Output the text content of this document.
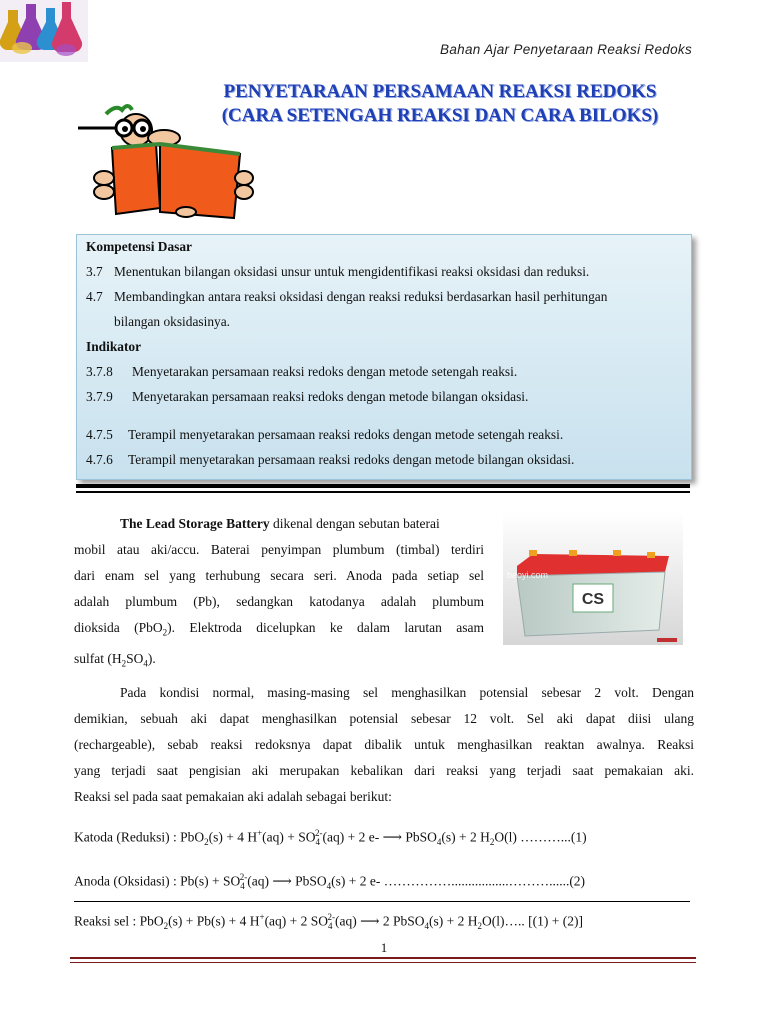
Bahan Ajar Penyetaraan Reaksi Redoks
PENYETARAAN PERSAMAAN REAKSI REDOKS
(CARA SETENGAH REAKSI DAN CARA BILOKS)
Kompetensi Dasar
3.7 Menentukan bilangan oksidasi unsur untuk mengidentifikasi reaksi oksidasi dan reduksi.
4.7 Membandingkan antara reaksi oksidasi dengan reaksi reduksi berdasarkan hasil perhitungan
bilangan oksidasinya.
Indikator
3.7.8 Menyetarakan persamaan reaksi redoks dengan metode setengah reaksi.
3.7.9 Menyetarakan persamaan reaksi redoks dengan metode bilangan oksidasi.
4.7.5 Terampil menyetarakan persamaan reaksi redoks dengan metode setengah reaksi.
4.7.6 Terampil menyetarakan persamaan reaksi redoks dengan metode bilangan oksidasi.
CS
baoyi.com
The Lead Storage Battery dikenal dengan sebutan baterai
mobil atau aki/accu. Baterai penyimpan plumbum (timbal) terdiri
dari enam sel yang terhubung secara seri. Anoda pada setiap sel
adalah plumbum (Pb), sedangkan katodanya adalah plumbum
dioksida (PbO$_2$). Elektroda dicelupkan ke dalam larutan asam
sulfat $(H_2SO_4)$.
Pada kondisi normal, masing-masing sel menghasilkan potensial sebesar 2 volt. Dengan
demikian, sebuah aki dapat menghasilkan potensial sebesar 12 volt. Sel aki dapat diisi ulang
(rechargeable), sebab reaksi redoksnya dapat dibalik untuk menghasilkan reaktan awalnya. Reaksi
yang terjadi saat pengisian aki merupakan kebalikan dari reaksi yang terjadi saat pemakaian aki.
Reaksi sel pada saat pemakaian aki adalah sebagai berikut:
Katoda (Reduksi) : PbO$_2$(s) + 4 $H^+(aq) + SO_4^{2-}(aq) + 2$ e- ⟶ PbSO$_4$(s) + 2 $H_2O(l)$ ………...(1)
Anoda (Oksidasi) : $Pb(s) + SO_4^{2-}(aq)$ ⟶ PbSO$_4$(s) + 2 e- …………….................………......(2)
Reaksi sel : PbO$_2$(s) + Pb(s) + 4 H+(aq) + 2 $SO_4^{2-}(aq)$ ⟶ 2 PbSO$_4$(s) + 2 $H_2O(l)\dots$.. [(1) + (2)]
1
